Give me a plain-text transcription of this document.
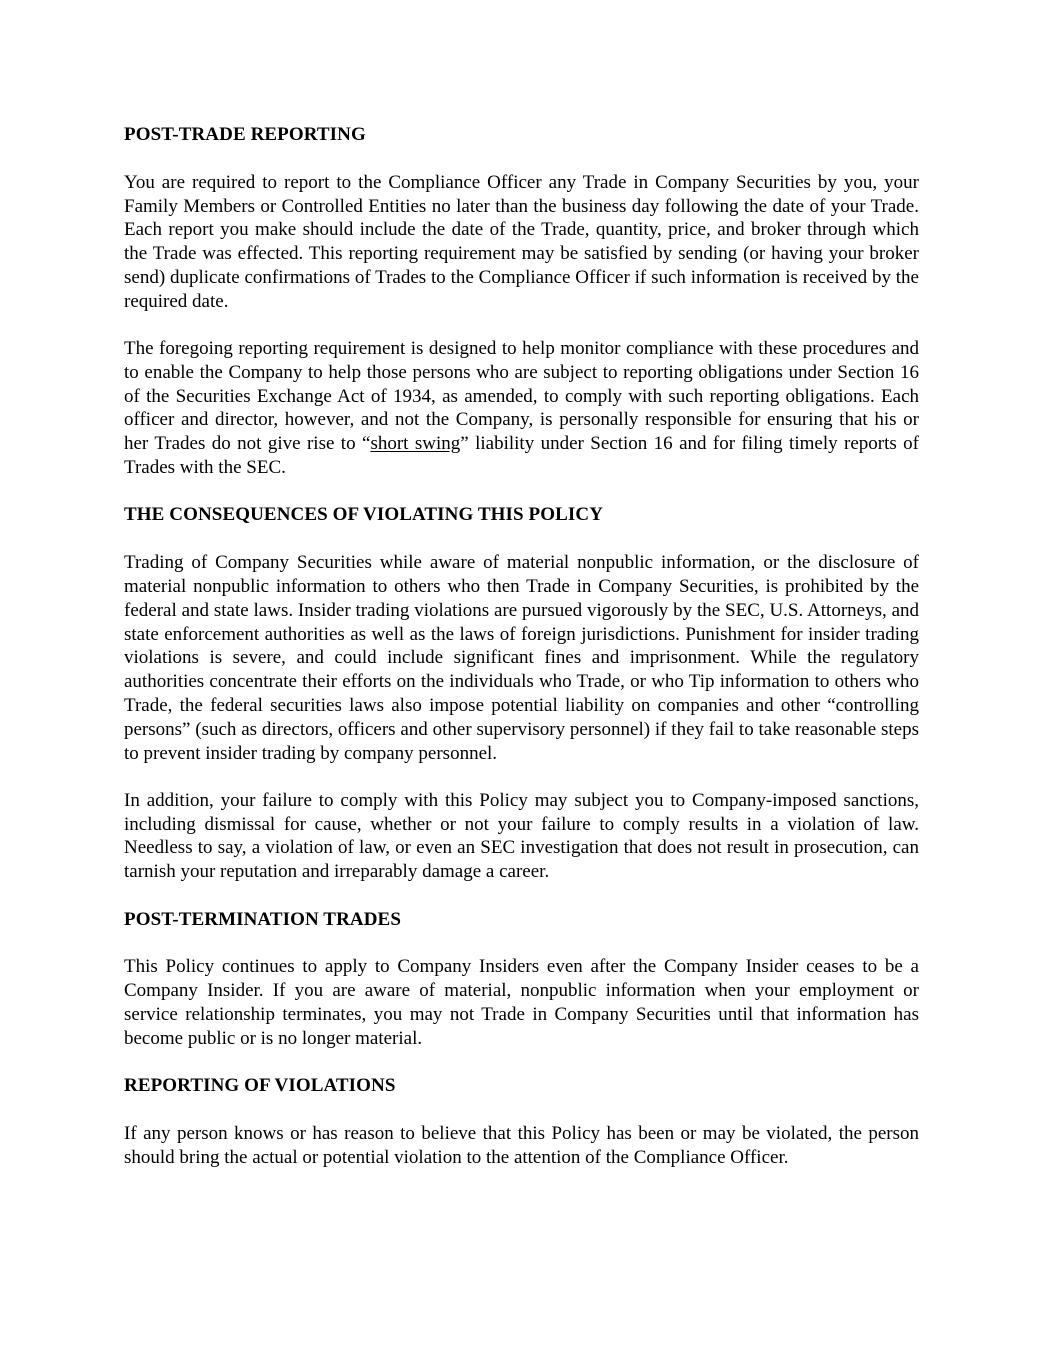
POST-TRADE REPORTING

You are required to report to the Compliance Officer any Trade in Company Securities by you, your Family Members or Controlled Entities no later than the business day following the date of your Trade. Each report you make should include the date of the Trade, quantity, price, and broker through which the Trade was effected. This reporting requirement may be satisfied by sending (or having your broker send) duplicate confirmations of Trades to the Compliance Officer if such information is received by the required date.

The foregoing reporting requirement is designed to help monitor compliance with these procedures and to enable the Company to help those persons who are subject to reporting obligations under Section 16 of the Securities Exchange Act of 1934, as amended, to comply with such reporting obligations. Each officer and director, however, and not the Company, is personally responsible for ensuring that his or her Trades do not give rise to “short swing” liability under Section 16 and for filing timely reports of Trades with the SEC.

THE CONSEQUENCES OF VIOLATING THIS POLICY

Trading of Company Securities while aware of material nonpublic information, or the disclosure of material nonpublic information to others who then Trade in Company Securities, is prohibited by the federal and state laws. Insider trading violations are pursued vigorously by the SEC, U.S. Attorneys, and state enforcement authorities as well as the laws of foreign jurisdictions. Punishment for insider trading violations is severe, and could include significant fines and imprisonment. While the regulatory authorities concentrate their efforts on the individuals who Trade, or who Tip information to others who Trade, the federal securities laws also impose potential liability on companies and other “controlling persons” (such as directors, officers and other supervisory personnel) if they fail to take reasonable steps to prevent insider trading by company personnel.

In addition, your failure to comply with this Policy may subject you to Company-imposed sanctions, including dismissal for cause, whether or not your failure to comply results in a violation of law. Needless to say, a violation of law, or even an SEC investigation that does not result in prosecution, can tarnish your reputation and irreparably damage a career.

POST-TERMINATION TRADES

This Policy continues to apply to Company Insiders even after the Company Insider ceases to be a Company Insider. If you are aware of material, nonpublic information when your employment or service relationship terminates, you may not Trade in Company Securities until that information has become public or is no longer material.

REPORTING OF VIOLATIONS

If any person knows or has reason to believe that this Policy has been or may be violated, the person should bring the actual or potential violation to the attention of the Compliance Officer.
